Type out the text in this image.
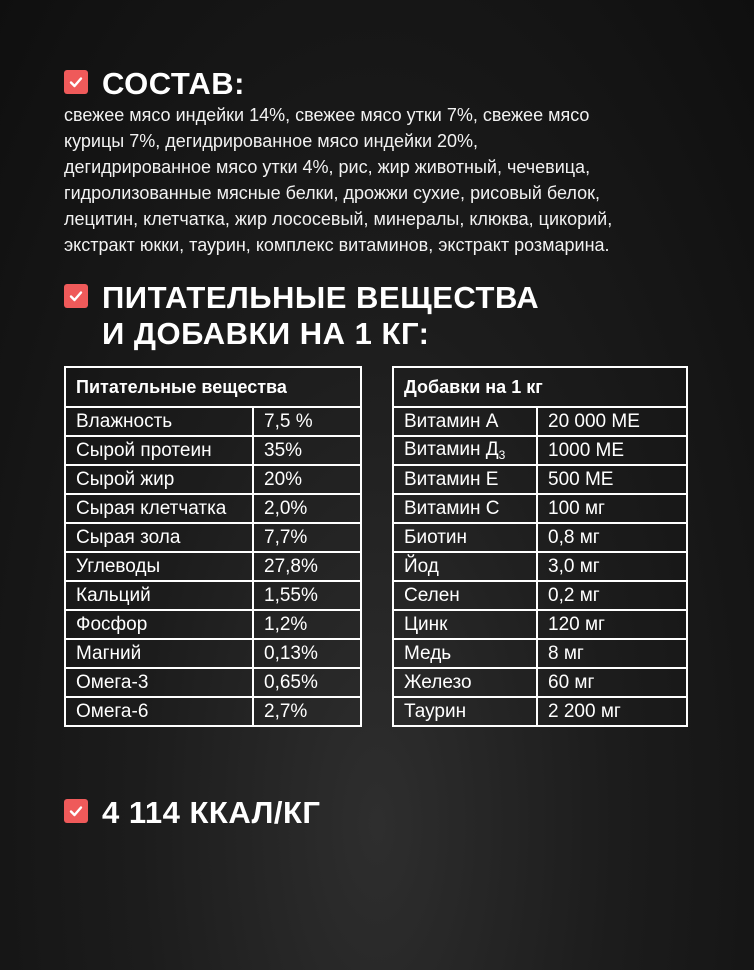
СОСТАВ:
свежее мясо индейки 14%, свежее мясо утки 7%, свежее мясо
курицы 7%, дегидрированное мясо индейки 20%,
дегидрированное мясо утки 4%, рис, жир животный, чечевица,
гидролизованные мясные белки, дрожжи сухие, рисовый белок,
лецитин, клетчатка, жир лососевый, минералы, клюква, цикорий,
экстракт юкки, таурин, комплекс витаминов, экстракт розмарина.
ПИТАТЕЛЬНЫЕ ВЕЩЕСТВА
И ДОБАВКИ НА 1 КГ:
Питательные вещества	
Влажность	7,5 %
Сырой протеин	35%
Сырой жир	20%
Сырая клетчатка	2,0%
Сырая зола	7,7%
Углеводы	27,8%
Кальций	1,55%
Фосфор	1,2%
Магний	0,13%
Омега-3	0,65%
Омега-6	2,7%
Добавки на 1 кг	
Витамин А	20 000 МЕ
Витамин $Д_3$	1000 МЕ
Витамин Е	500 МЕ
Витамин С	100 мг
Биотин	0,8 мг
Йод	3,0 мг
Селен	0,2 мг
Цинк	120 мг
Медь	8 мг
Железо	60 мг
Таурин	2 200 мг
4 114 ККАЛ/КГ
